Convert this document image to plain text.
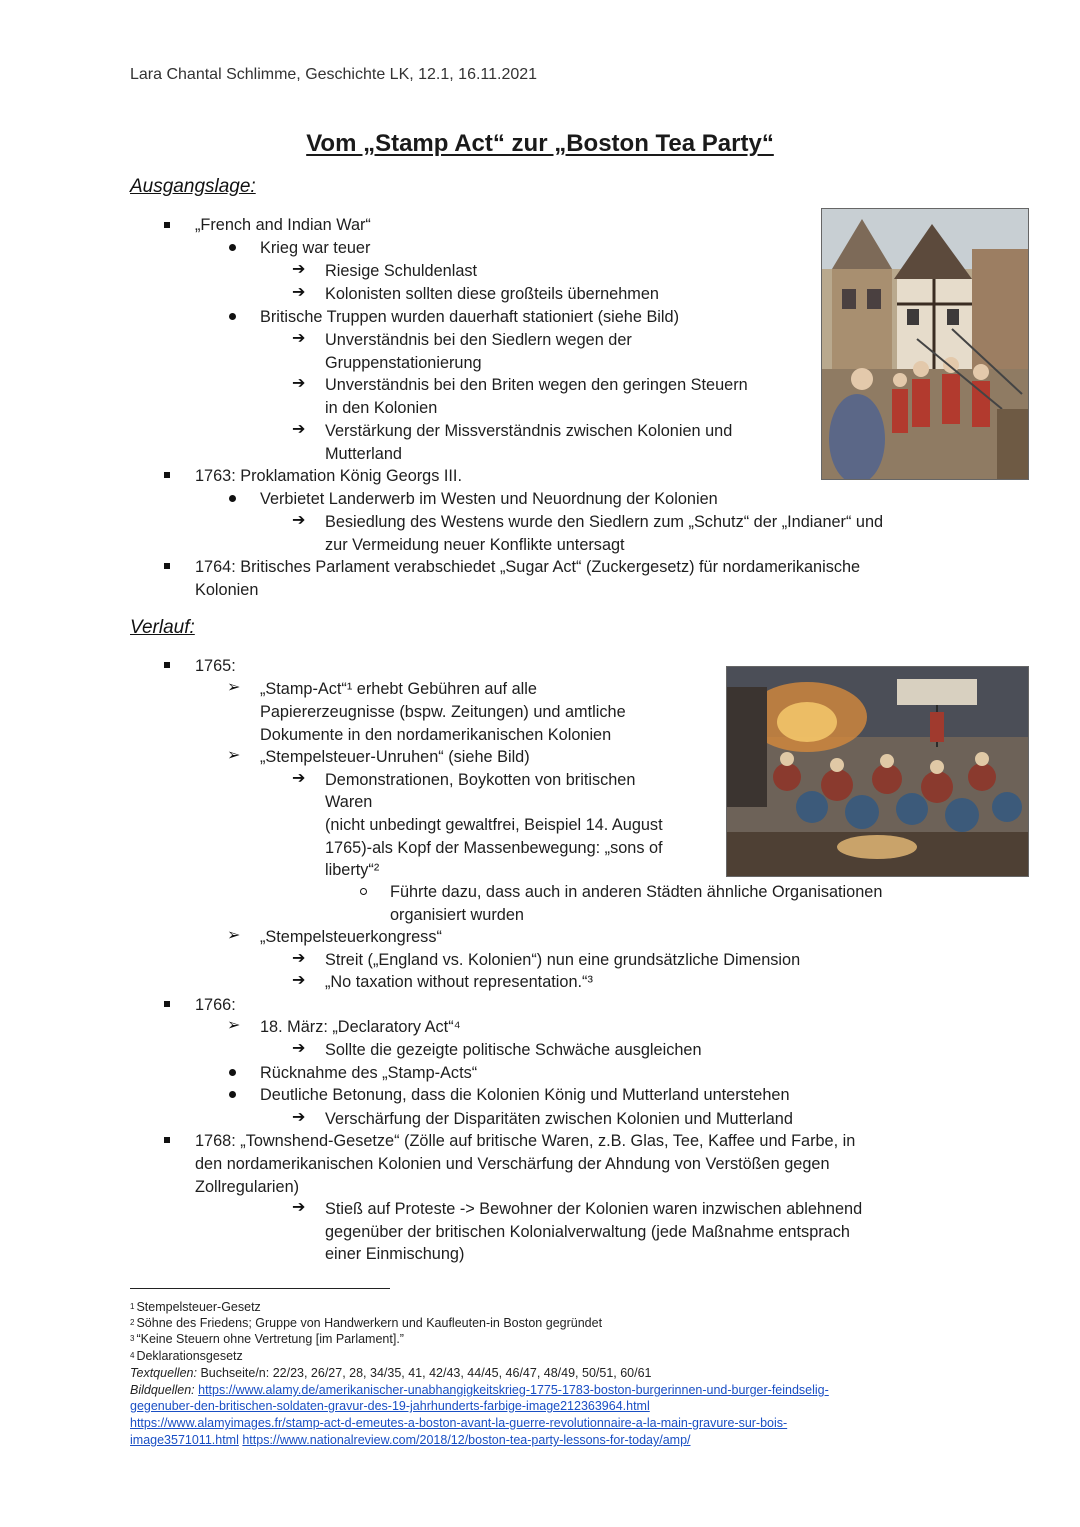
Lara Chantal Schlimme, Geschichte LK, 12.1, 16.11.2021
Vom „Stamp Act“ zur „Boston Tea Party“
Ausgangslage:
„French and Indian War“
Krieg war teuer
➔ Riesige Schuldenlast
➔ Kolonisten sollten diese großteils übernehmen
Britische Truppen wurden dauerhaft stationiert (siehe Bild)
➔ Unverständnis bei den Siedlern wegen der
Gruppenstationierung
➔ Unverständnis bei den Briten wegen den geringen Steuern
in den Kolonien
➔ Verstärkung der Missverständnis zwischen Kolonien und
Mutterland
1763: Proklamation König Georgs III.
Verbietet Landerwerb im Westen und Neuordnung der Kolonien
➔ Besiedlung des Westens wurde den Siedlern zum „Schutz“ der „Indianer“ und
zur Vermeidung neuer Konflikte untersagt
1764: Britisches Parlament verabschiedet „Sugar Act“ (Zuckergesetz) für nordamerikanische
Kolonien
Verlauf:
1765:
➢ „Stamp-Act“¹ erhebt Gebühren auf alle
Papiererzeugnisse (bspw. Zeitungen) und amtliche
Dokumente in den nordamerikanischen Kolonien
➢ „Stempelsteuer-Unruhen“ (siehe Bild)
➔ Demonstrationen, Boykotten von britischen
Waren
(nicht unbedingt gewaltfrei, Beispiel 14. August
1765)-als Kopf der Massenbewegung: „sons of
liberty“²
Führte dazu, dass auch in anderen Städten ähnliche Organisationen
organisiert wurden
➢ „Stempelsteuerkongress“
➔ Streit („England vs. Kolonien“) nun eine grundsätzliche Dimension
➔ „No taxation without representation.“³
1766:
➢ 18. März: „Declaratory Act“⁴
➔ Sollte die gezeigte politische Schwäche ausgleichen
Rücknahme des „Stamp-Acts“
Deutliche Betonung, dass die Kolonien König und Mutterland unterstehen
➔ Verschärfung der Disparitäten zwischen Kolonien und Mutterland
1768: „Townshend-Gesetze“ (Zölle auf britische Waren, z.B. Glas, Tee, Kaffee und Farbe, in
den nordamerikanischen Kolonien und Verschärfung der Ahndung von Verstößen gegen
Zollregularien)
➔ Stieß auf Proteste -> Bewohner der Kolonien waren inzwischen ablehnend
gegenüber der britischen Kolonialverwaltung (jede Maßnahme entsprach
einer Einmischung)
$^1$ Stempelsteuer-Gesetz
$^2$ Söhne des Friedens; Gruppe von Handwerkern und Kaufleuten-in Boston gegründet
$^3$ “Keine Steuern ohne Vertretung [im Parlament].”
$^4$ Deklarationsgesetz
Textquellen: Buchseite/n: 22/23, 26/27, 28, 34/35, 41, 42/43, 44/45, 46/47, 48/49, 50/51, 60/61
Bildquellen: https://www.alamy.de/amerikanischer-unabhangigkeitskrieg-1775-1783-boston-burgerinnen-und-burger-feindselig-
gegenuber-den-britischen-soldaten-gravur-des-19-jahrhunderts-farbige-image212363964.html
https://www.alamyimages.fr/stamp-act-d-emeutes-a-boston-avant-la-guerre-revolutionnaire-a-la-main-gravure-sur-bois-
image3571011.html https://www.nationalreview.com/2018/12/boston-tea-party-lessons-for-today/amp/
